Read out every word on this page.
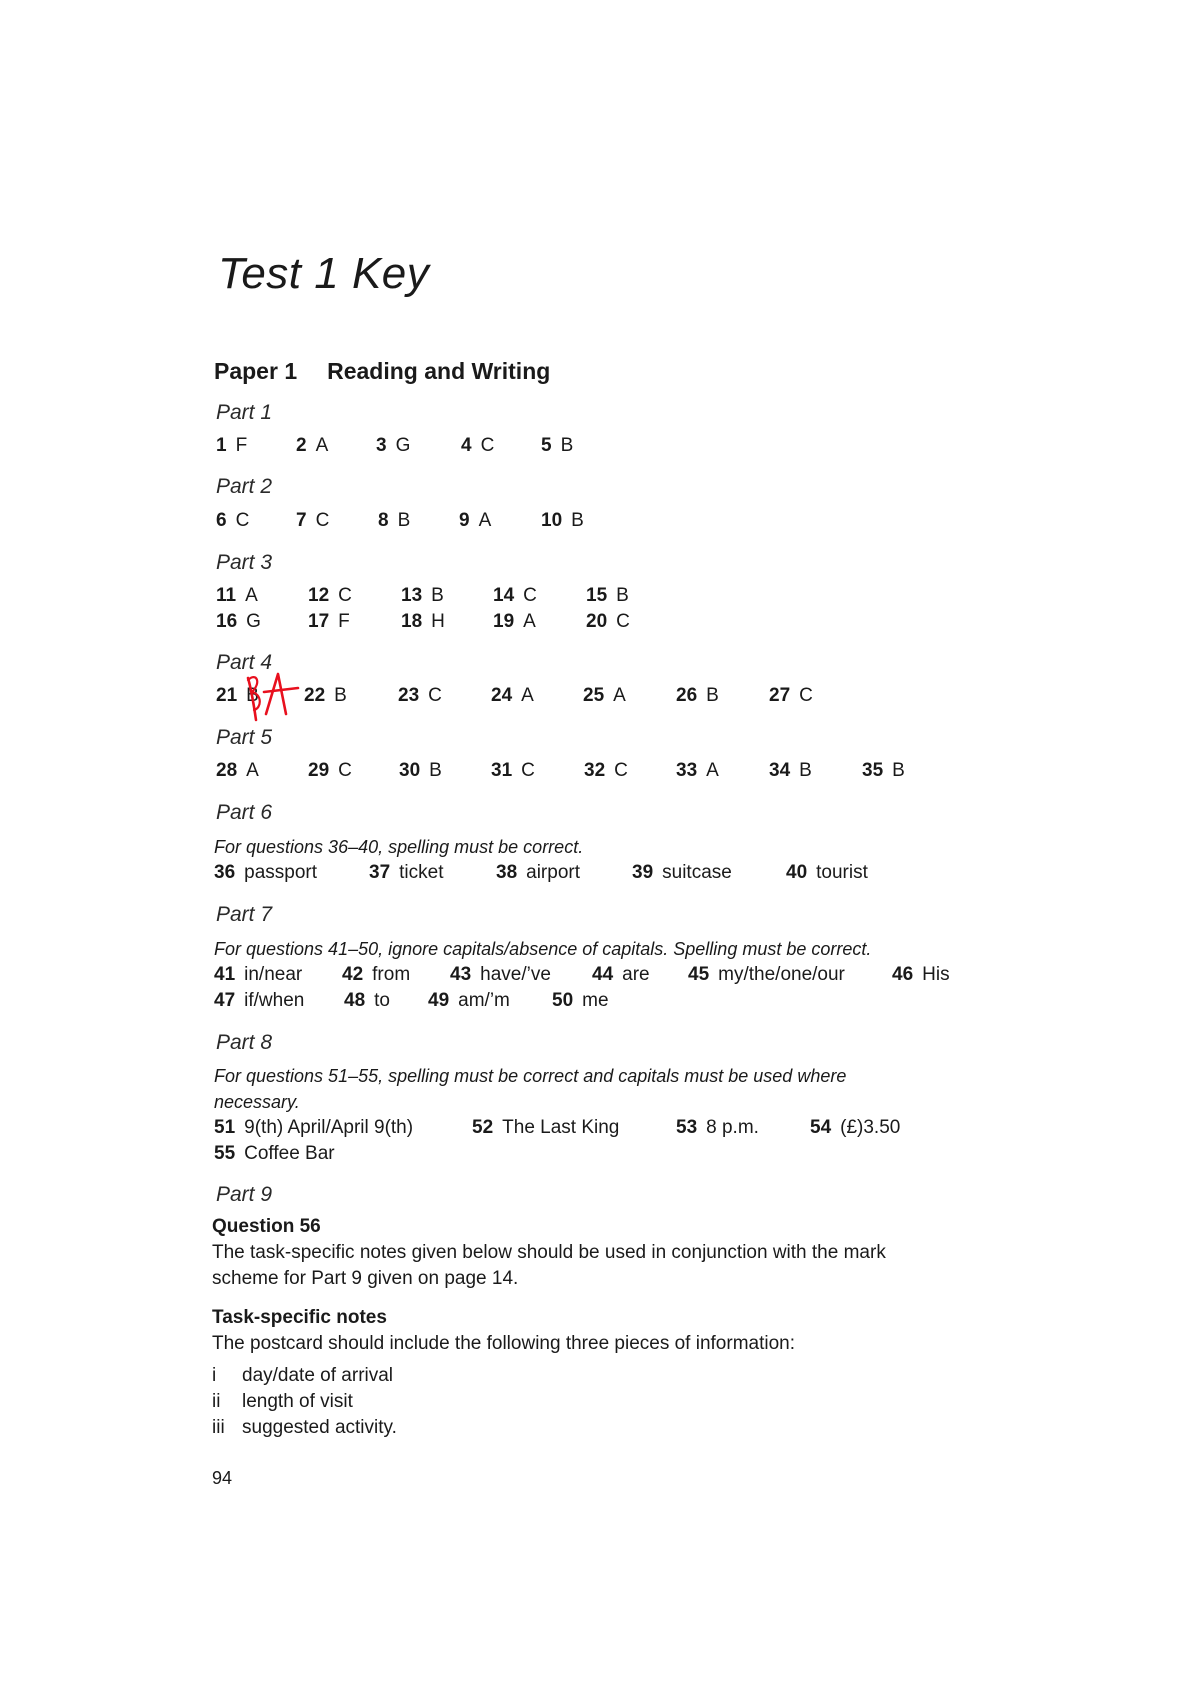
Test 1 Key
Paper 1 Reading and Writing
Part 1
1 F	2 A	3 G	4 C 5 B
Part 2
6 C 7 C	8 B	9 A	10 B
Part 3
11 A	12 C	13 B	14 C	15 B
16 G 17 F	18 H	19 A	20 C
Part 4
21 B 22 B	23 C	24 A	25 A	26 B	27 C
Part 5
28 A	29 C 30 B	31 C	32 C	33 A	34 B	35 B
Part 6
For questions 36–40, spelling must be correct.
36 passport	37 ticket	38 airport	39 suitcase	40 tourist
Part 7
For questions 41–50, ignore capitals/absence of capitals. Spelling must be correct.
41 in/near 42 from 43 have/’ve 44 are 45 my/the/one/our 46 His
47 if/when 48 to 49 am/’m 50 me
Part 8
For questions 51–55, spelling must be correct and capitals must be used where
necessary.
51 9(th) April/April 9(th)	52 The Last King	53 8 p.m.	54 (£)3.50
55 Coffee Bar
Part 9
Question 56
The task-specific notes given below should be used in conjunction with the mark
scheme for Part 9 given on page 14.
Task-specific notes
The postcard should include the following three pieces of information:
i day/date of arrival
ii length of visit
iii suggested activity.
94
